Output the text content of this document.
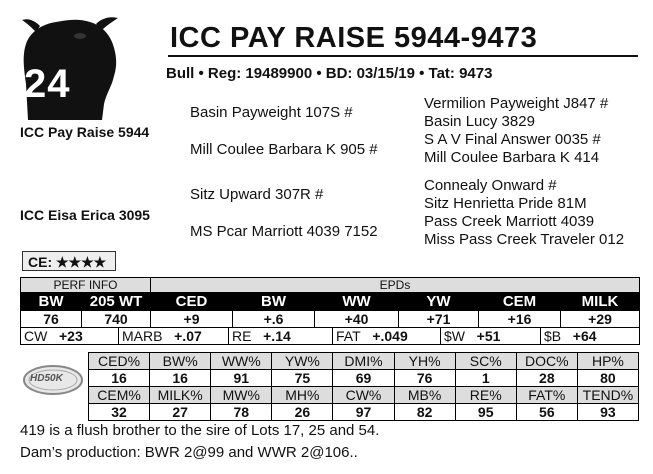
24
ICC PAY RAISE 5944-9473
Bull • Reg: 19489900 • BD: 03/15/19 • Tat: 9473
ICC Pay Raise 5944
ICC Eisa Erica 3095
Basin Payweight 107S #
Mill Coulee Barbara K 905 #
Sitz Upward 307R #
MS Pcar Marriott 4039 7152
Vermilion Payweight J847 #
Basin Lucy 3829
S A V Final Answer 0035 #
Mill Coulee Barbara K 414
Connealy Onward #
Sitz Henrietta Pride 81M
Pass Creek Marriott 4039
Miss Pass Creek Traveler 012
CE: ★★★★
PERF INFO		EPDs					
BW	205 WT	CED	BW	WW	YW	CEM	MILK
76	740	+9	+.6	+40	+71	+16	+29
CW +23	MARB +.07	RE +.14	FAT +.049	$W +51	$B +64
HD50K
CED%	BW%	WW%	YW%	DMI%	YH%	SC%	DOC%	HP%
16	16	91	75	69	76	1	28	80
CEM%	MILK%	MW%	MH%	CW%	MB%	RE%	FAT%	TEND%
32	27	78	26	97	82	95	56	93
419 is a flush brother to the sire of Lots 17, 25 and 54.
Dam’s production: BWR 2@99 and WWR 2@106..
